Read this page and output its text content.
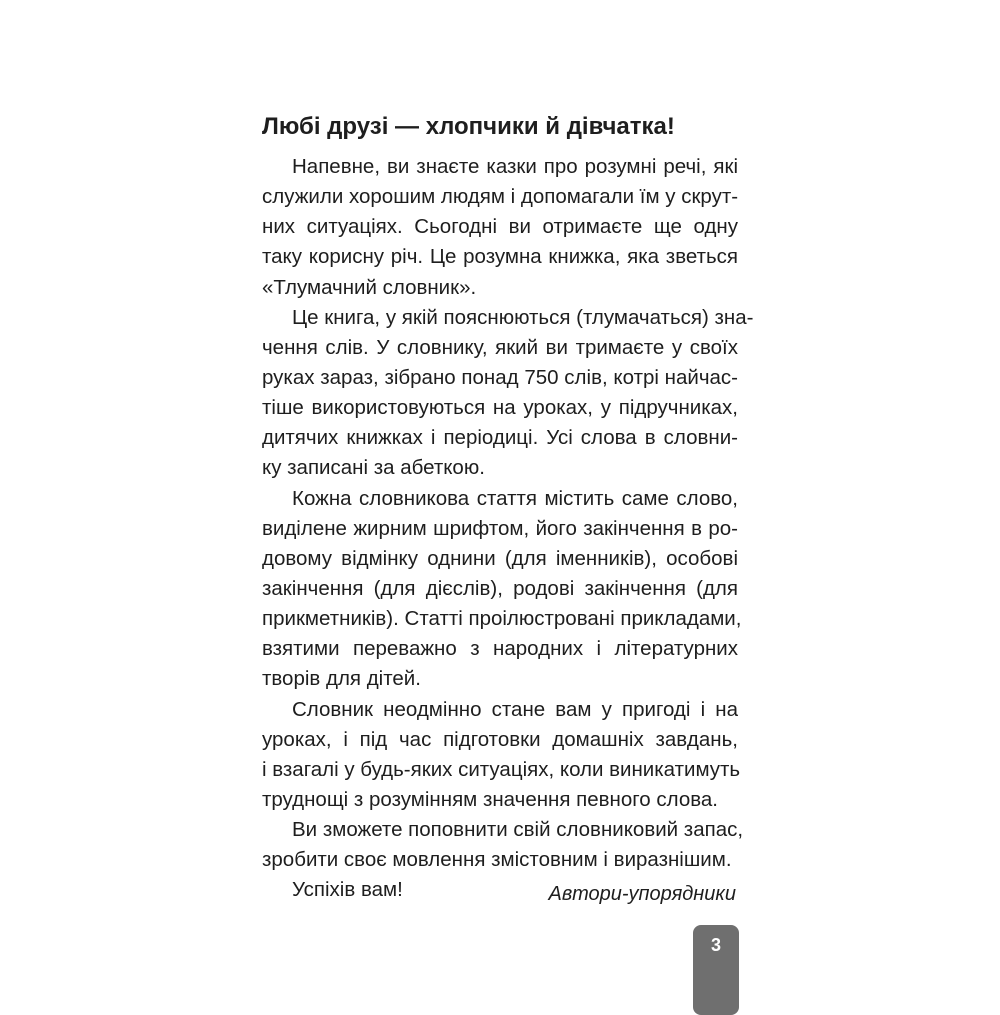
Любі друзі — хлопчики й дівчатка!
Напевне, ви знаєте казки про розумні речі, які
служили хорошим людям і допомагали їм у скрут-
них ситуаціях. Сьогодні ви отримаєте ще одну
таку корисну річ. Це розумна книжка, яка зветься
«Тлумачний словник».
Це книга, у якій пояснюються (тлумачаться) зна-
чення слів. У словнику, який ви тримаєте у своїх
руках зараз, зібрано понад 750 слів, котрі найчас-
тіше використовуються на уроках, у підручниках,
дитячих книжках і періодиці. Усі слова в словни-
ку записані за абеткою.
Кожна словникова стаття містить саме слово,
виділене жирним шрифтом, його закінчення в ро-
довому відмінку однини (для іменників), особові
закінчення (для дієслів), родові закінчення (для
прикметників). Статті проілюстровані прикладами,
взятими переважно з народних і літературних
творів для дітей.
Словник неодмінно стане вам у пригоді і на
уроках, і під час підготовки домашніх завдань,
і взагалі у будь-яких ситуаціях, коли виникатимуть
труднощі з розумінням значення певного слова.
Ви зможете поповнити свій словниковий запас,
зробити своє мовлення змістовним і виразнішим.
Успіхів вам!	Автори-упорядники
3
